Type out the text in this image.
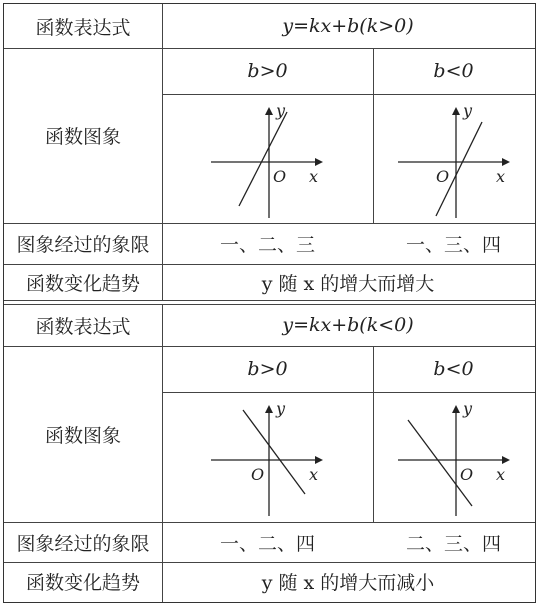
函数表达式	y=kx+b(k>0)
函数图象
b>0	b<0
y
x
O
y
x
O
图象经过的象限	一、二、三	一、三、四
函数变化趋势	y 随 x 的增大而增大
函数表达式	y=kx+b(k<0)
函数图象
b>0	b<0
y
x
O
y
x
O
图象经过的象限	一、二、四	二、三、四
函数变化趋势	y 随 x 的增大而减小
